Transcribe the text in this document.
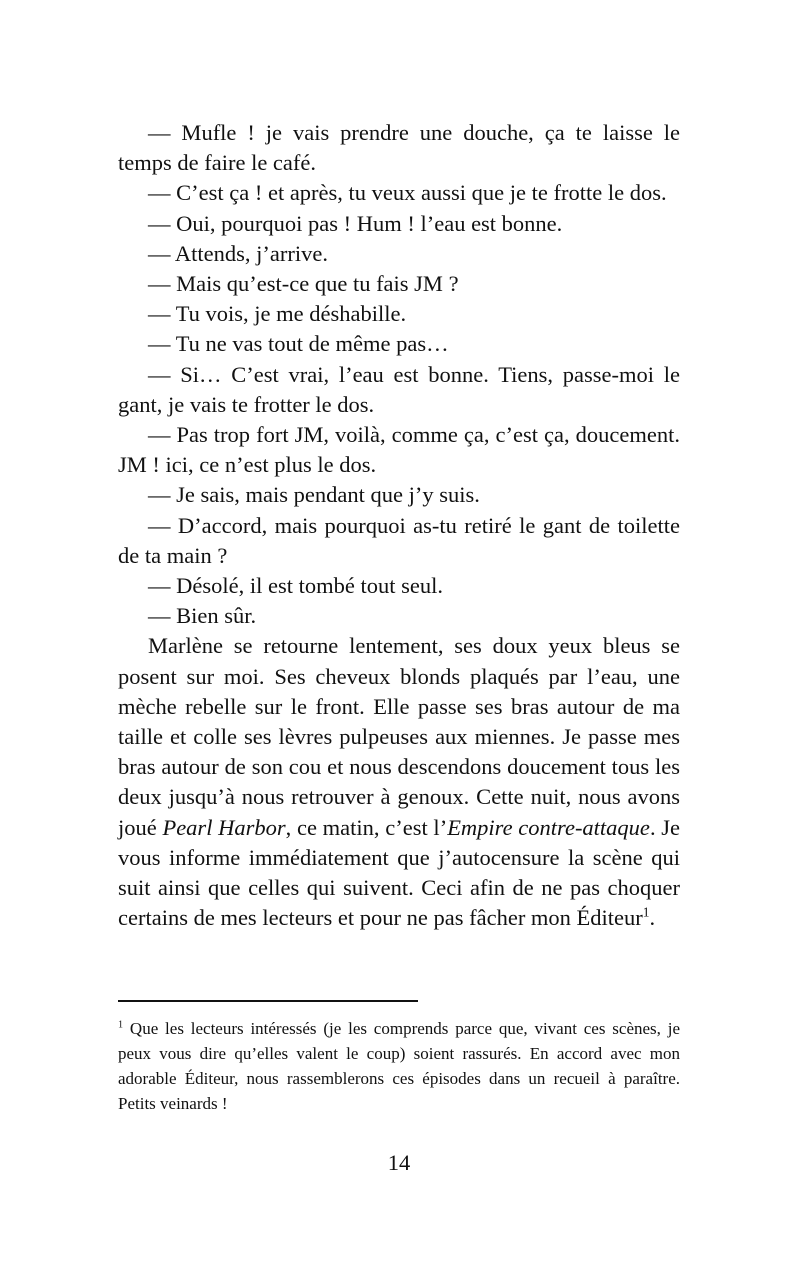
— Mufle ! je vais prendre une douche, ça te laisse le temps de faire le café.

— C’est ça ! et après, tu veux aussi que je te frotte le dos.

— Oui, pourquoi pas ! Hum ! l’eau est bonne.

— Attends, j’arrive.

— Mais qu’est-ce que tu fais JM ?

— Tu vois, je me déshabille.

— Tu ne vas tout de même pas…

— Si… C’est vrai, l’eau est bonne. Tiens, passe-moi le gant, je vais te frotter le dos.

— Pas trop fort JM, voilà, comme ça, c’est ça, doucement. JM ! ici, ce n’est plus le dos.

— Je sais, mais pendant que j’y suis.

— D’accord, mais pourquoi as-tu retiré le gant de toilette de ta main ?

— Désolé, il est tombé tout seul.

— Bien sûr.

Marlène se retourne lentement, ses doux yeux bleus se posent sur moi. Ses cheveux blonds plaqués par l’eau, une mèche rebelle sur le front. Elle passe ses bras autour de ma taille et colle ses lèvres pulpeuses aux miennes. Je passe mes bras autour de son cou et nous descendons doucement tous les deux jusqu’à nous retrouver à genoux. Cette nuit, nous avons joué Pearl Harbor, ce matin, c’est l’Empire contre-attaque. Je vous informe immédiatement que j’autocensure la scène qui suit ainsi que celles qui suivent. Ceci afin de ne pas choquer certains de mes lecteurs et pour ne pas fâcher mon Éditeur$^1$.

$^1$ Que les lecteurs intéressés (je les comprends parce que, vivant ces scènes, je peux vous dire qu’elles valent le coup) soient rassurés. En accord avec mon adorable Éditeur, nous rassemblerons ces épisodes dans un recueil à paraître. Petits veinards !
14
